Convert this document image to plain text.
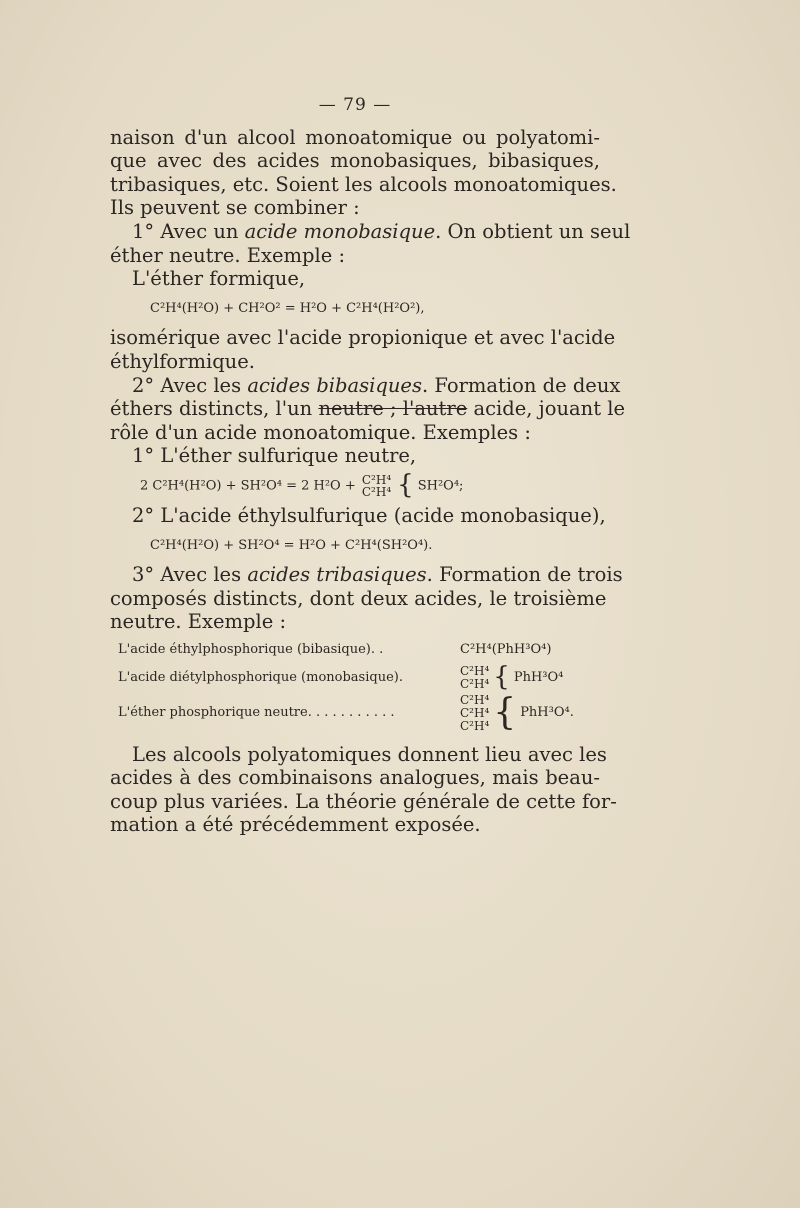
— 79 —
naison d'un alcool monoatomique ou polyatomi-
que avec des acides monobasiques, bibasiques,
tribasiques, etc. Soient les alcools monoatomiques.
Ils peuvent se combiner :
1° Avec un acide monobasique. On obtient un seul
éther neutre. Exemple :
L'éther formique,
C²H⁴(H²O) + CH²O² = H²O + C²H⁴(H²O²),
isomérique avec l'acide propionique et avec l'acide
éthylformique.
2° Avec les acides bibasiques. Formation de deux
éthers distincts, l'un neutre ; l'autre acide, jouant le
rôle d'un acide monoatomique. Exemples :
1° L'éther sulfurique neutre,
2 C²H⁴(H²O) + SH²O⁴ = 2 H²O + C²H⁴
C²H⁴ { SH²O⁴;
2° L'acide éthylsulfurique (acide monobasique),
C²H⁴(H²O) + SH²O⁴ = H²O + C²H⁴(SH²O⁴).
3° Avec les acides tribasiques. Formation de trois
composés distincts, dont deux acides, le troisième
neutre. Exemple :
L'acide éthylphosphorique (bibasique). .	C²H⁴(PhH³O⁴)
L'acide diétylphosphorique (monobasique).	C²H⁴
C²H⁴ { PhH³O⁴
L'éther phosphorique neutre. . . . . . . . . . .
C²H⁴
C²H⁴
C²H⁴ { PhH³O⁴.
Les alcools polyatomiques donnent lieu avec les
acides à des combinaisons analogues, mais beau-
coup plus variées. La théorie générale de cette for-
mation a été précédemment exposée.
